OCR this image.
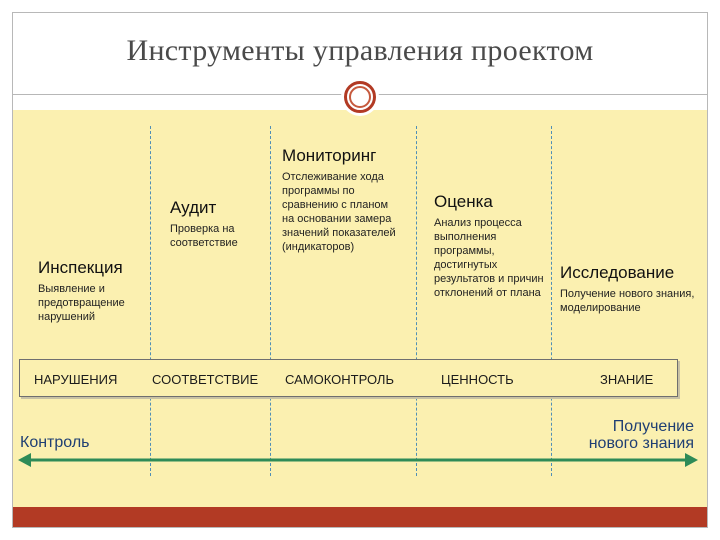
Инструменты управления проектом
Инспекция
Выявление и предотвращение нарушений
Аудит
Проверка на соответствие
Мониторинг
Отслеживание хода программы по сравнению с планом на основании замера значений показателей (индикаторов)
Оценка
Анализ процесса выполнения программы, достигнутых результатов и причин отклонений от плана
Исследование
Получение нового знания, моделирование
НАРУШЕНИЯ	СООТВЕТСТВИЕ САМОКОНТРОЛЬ	ЦЕННОСТЬ	ЗНАНИЕ
Контроль
Получение
нового знания
